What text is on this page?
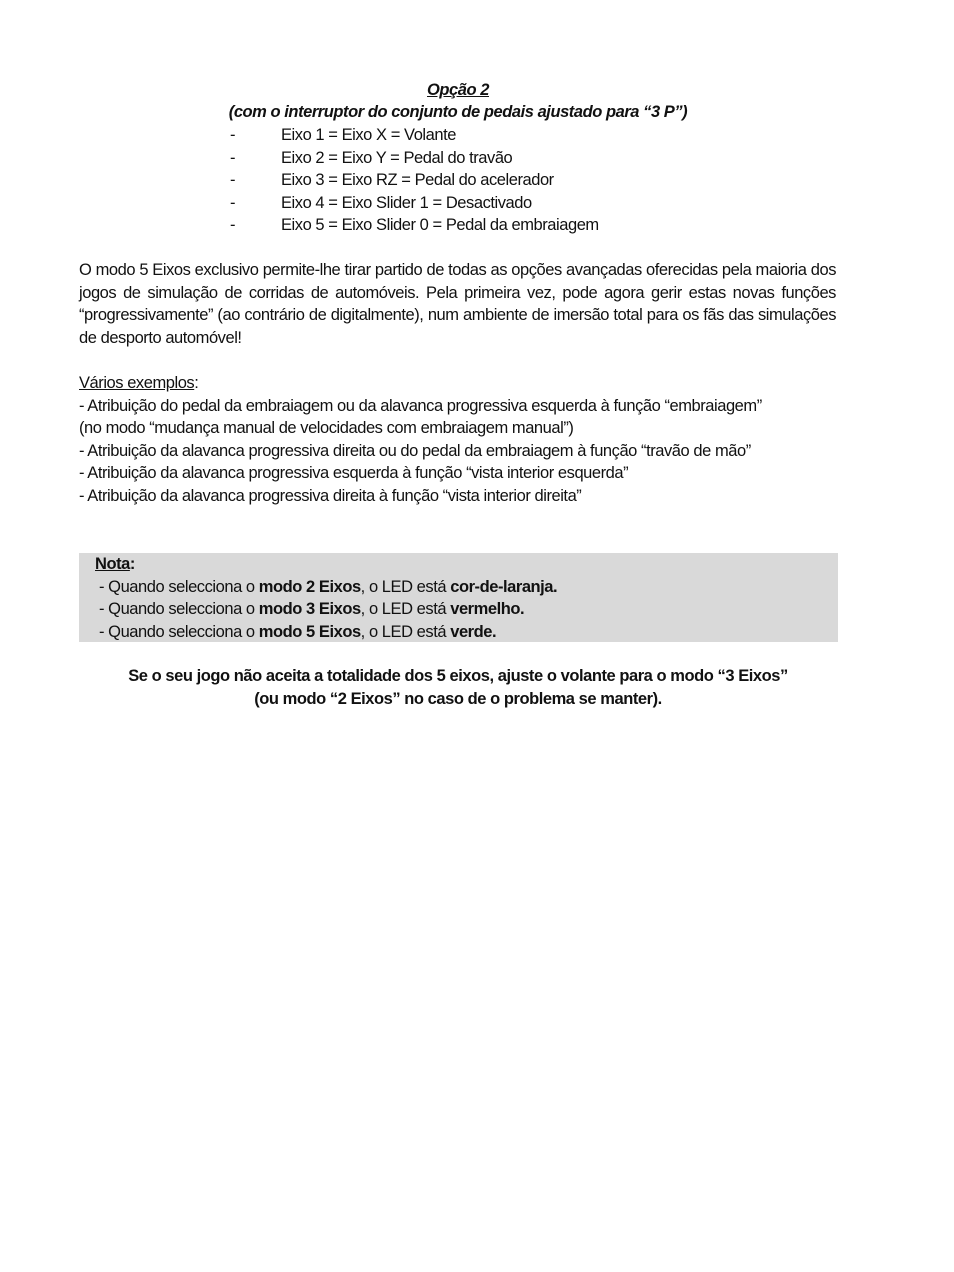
Opção 2
(com o interruptor do conjunto de pedais ajustado para “3 P”)
-	Eixo 1 = Eixo X = Volante
-	Eixo 2 = Eixo Y = Pedal do travão
-	Eixo 3 = Eixo RZ = Pedal do acelerador
-	Eixo 4 = Eixo Slider 1 = Desactivado
-	Eixo 5 = Eixo Slider 0 = Pedal da embraiagem
O modo 5 Eixos exclusivo permite-lhe tirar partido de todas as opções avançadas oferecidas pela maioria dos jogos de simulação de corridas de automóveis. Pela primeira vez, pode agora gerir estas novas funções “progressivamente” (ao contrário de digitalmente), num ambiente de imersão total para os fãs das simulações de desporto automóvel!
Vários exemplos:
- Atribuição do pedal da embraiagem ou da alavanca progressiva esquerda à função “embraiagem”
(no modo “mudança manual de velocidades com embraiagem manual”)
- Atribuição da alavanca progressiva direita ou do pedal da embraiagem à função “travão de mão”
- Atribuição da alavanca progressiva esquerda à função “vista interior esquerda”
- Atribuição da alavanca progressiva direita à função “vista interior direita”
Nota:
- Quando selecciona o modo 2 Eixos, o LED está cor-de-laranja.
- Quando selecciona o modo 3 Eixos, o LED está vermelho.
- Quando selecciona o modo 5 Eixos, o LED está verde.
Se o seu jogo não aceita a totalidade dos 5 eixos, ajuste o volante para o modo “3 Eixos”
(ou modo “2 Eixos” no caso de o problema se manter).
